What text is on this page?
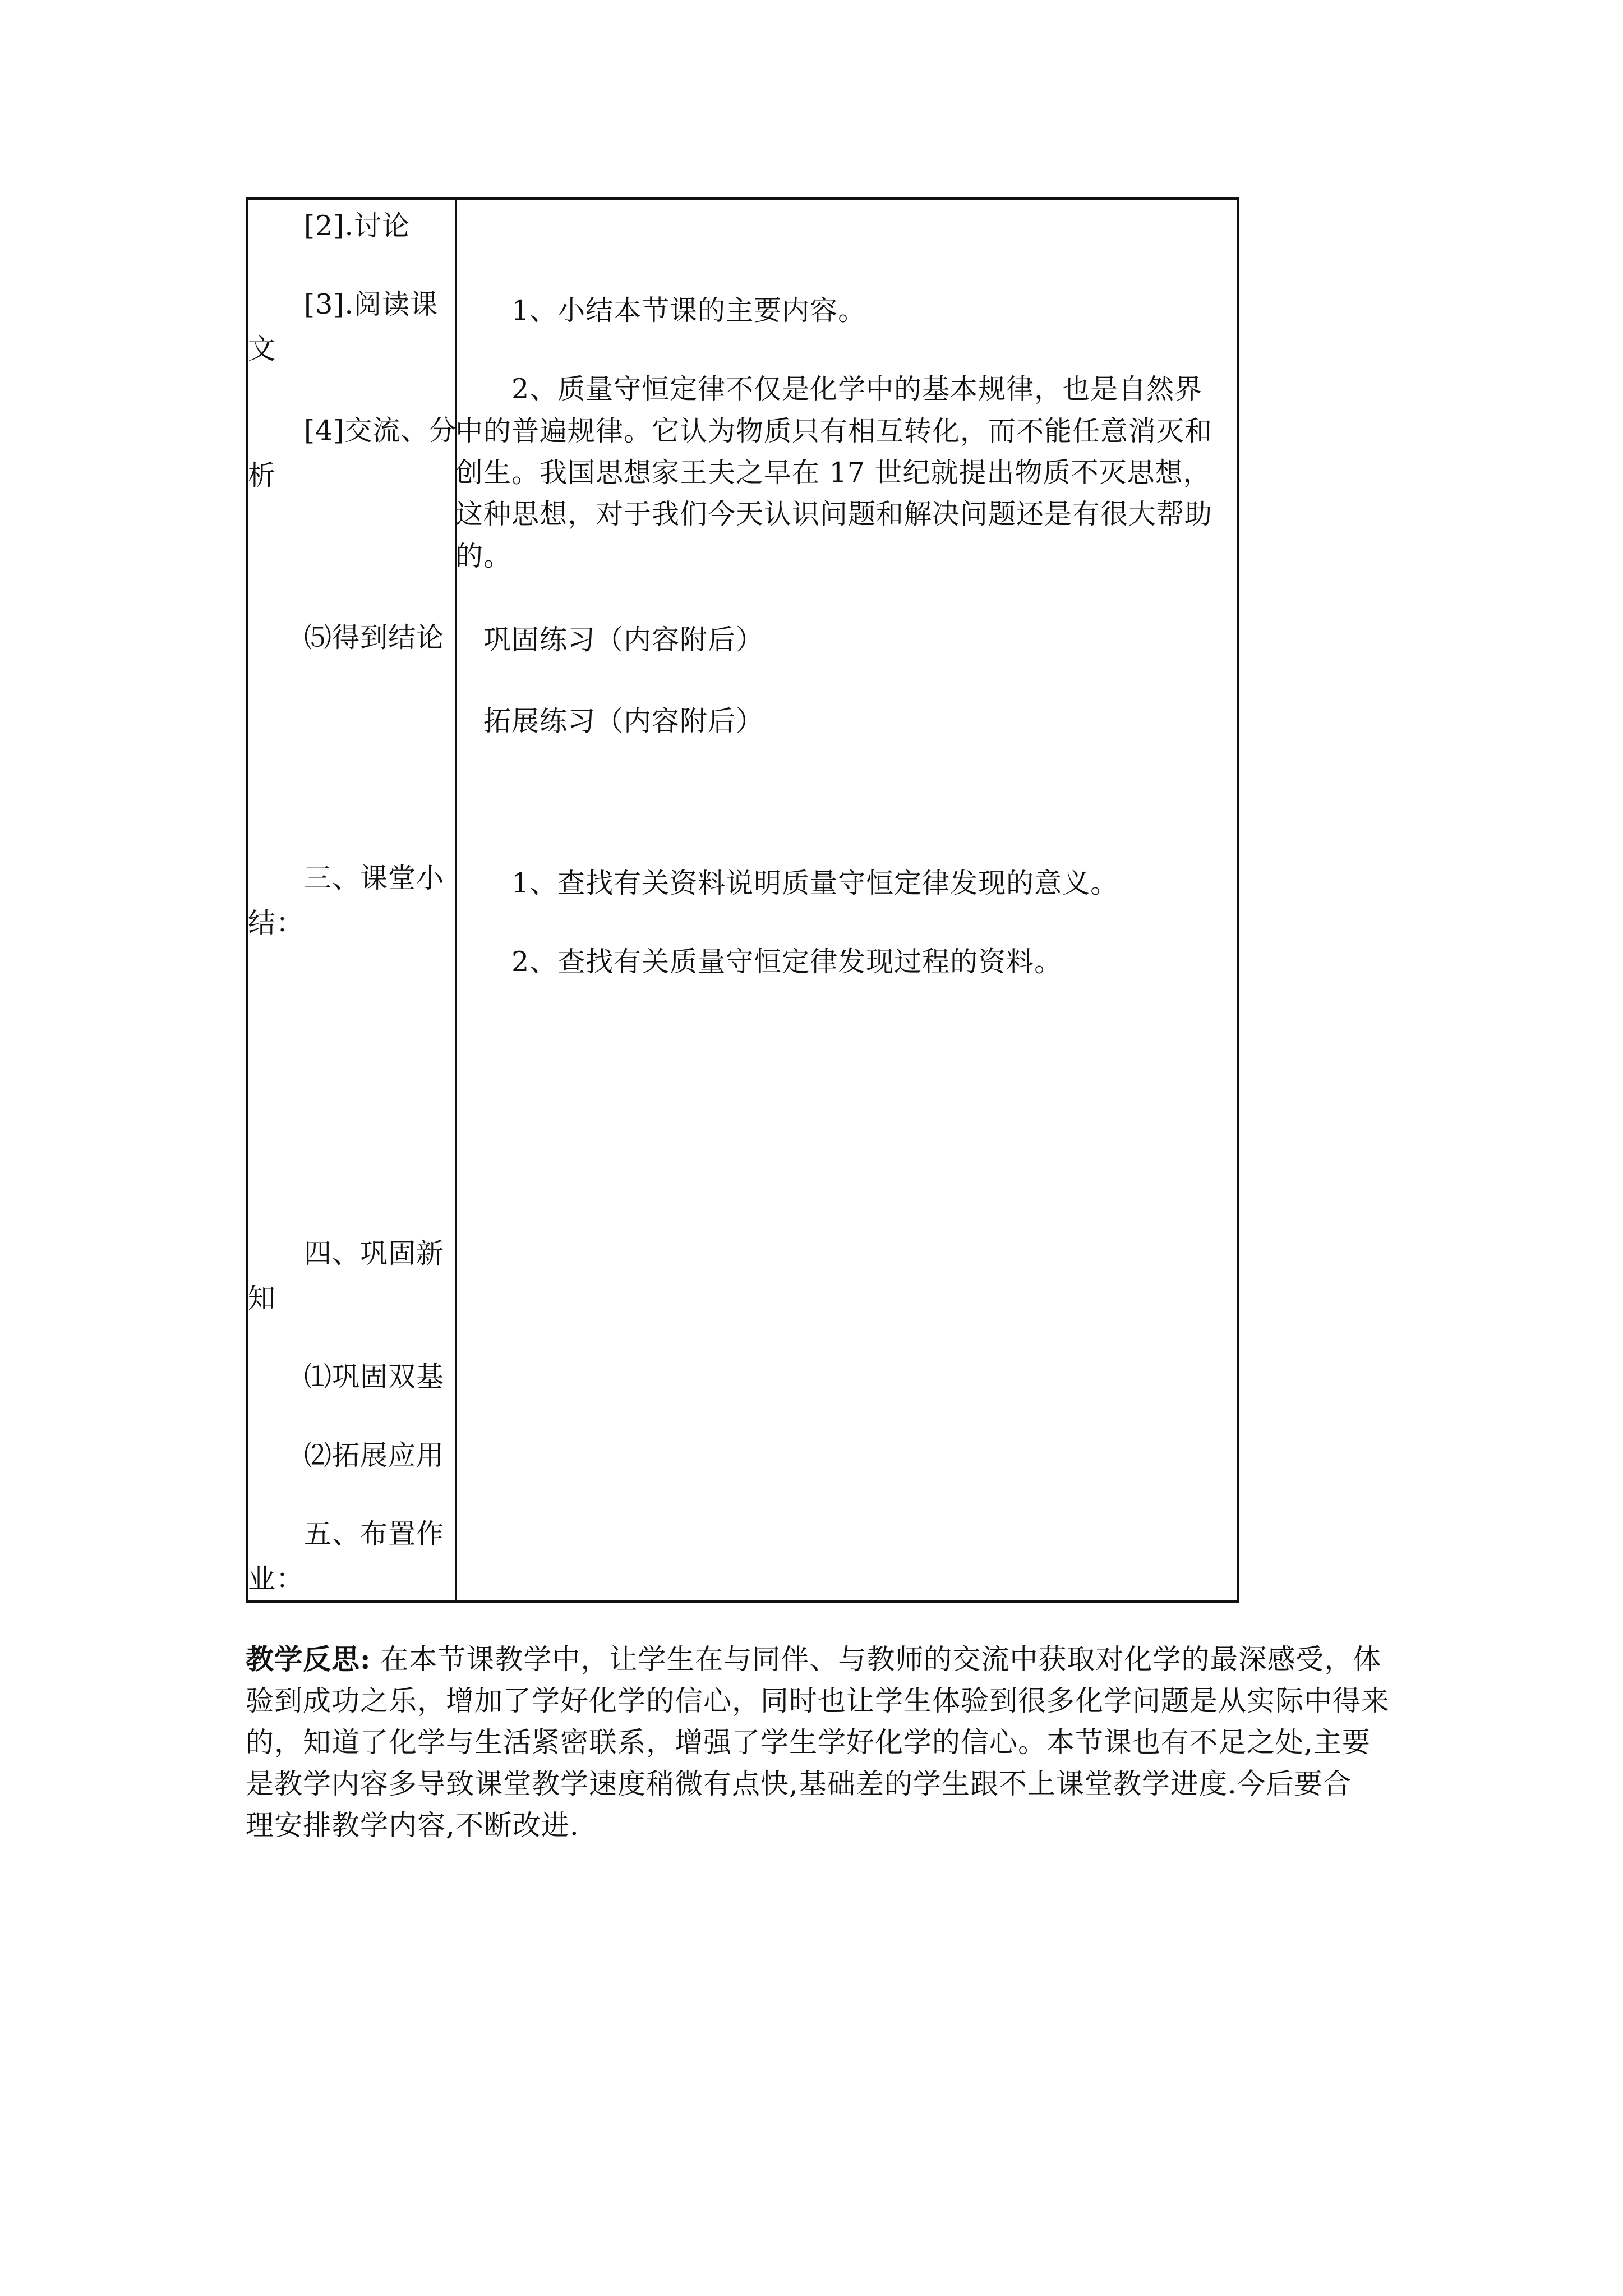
　　[2].讨论
　　[3].阅读课
文
　　[4]交流、分
析
　　⑸得到结论
　　三、课堂小
结：
　　四、巩固新
知
　　⑴巩固双基
　　⑵拓展应用
　　五、布置作
业：
　　1、小结本节课的主要内容。
　　2、质量守恒定律不仅是化学中的基本规律，也是自然界
中的普遍规律。它认为物质只有相互转化，而不能任意消灭和
创生。我国思想家王夫之早在 17 世纪就提出物质不灭思想，
这种思想，对于我们今天认识问题和解决问题还是有很大帮助
的。
　巩固练习（内容附后）
　拓展练习（内容附后）
　　1、查找有关资料说明质量守恒定律发现的意义。
　　2、查找有关质量守恒定律发现过程的资料。
教学反思: 在本节课教学中，让学生在与同伴、与教师的交流中获取对化学的最深感受，体
验到成功之乐，增加了学好化学的信心，同时也让学生体验到很多化学问题是从实际中得来
的，知道了化学与生活紧密联系，增强了学生学好化学的信心。本节课也有不足之处,主要
是教学内容多导致课堂教学速度稍微有点快,基础差的学生跟不上课堂教学进度.今后要合
理安排教学内容,不断改进.
